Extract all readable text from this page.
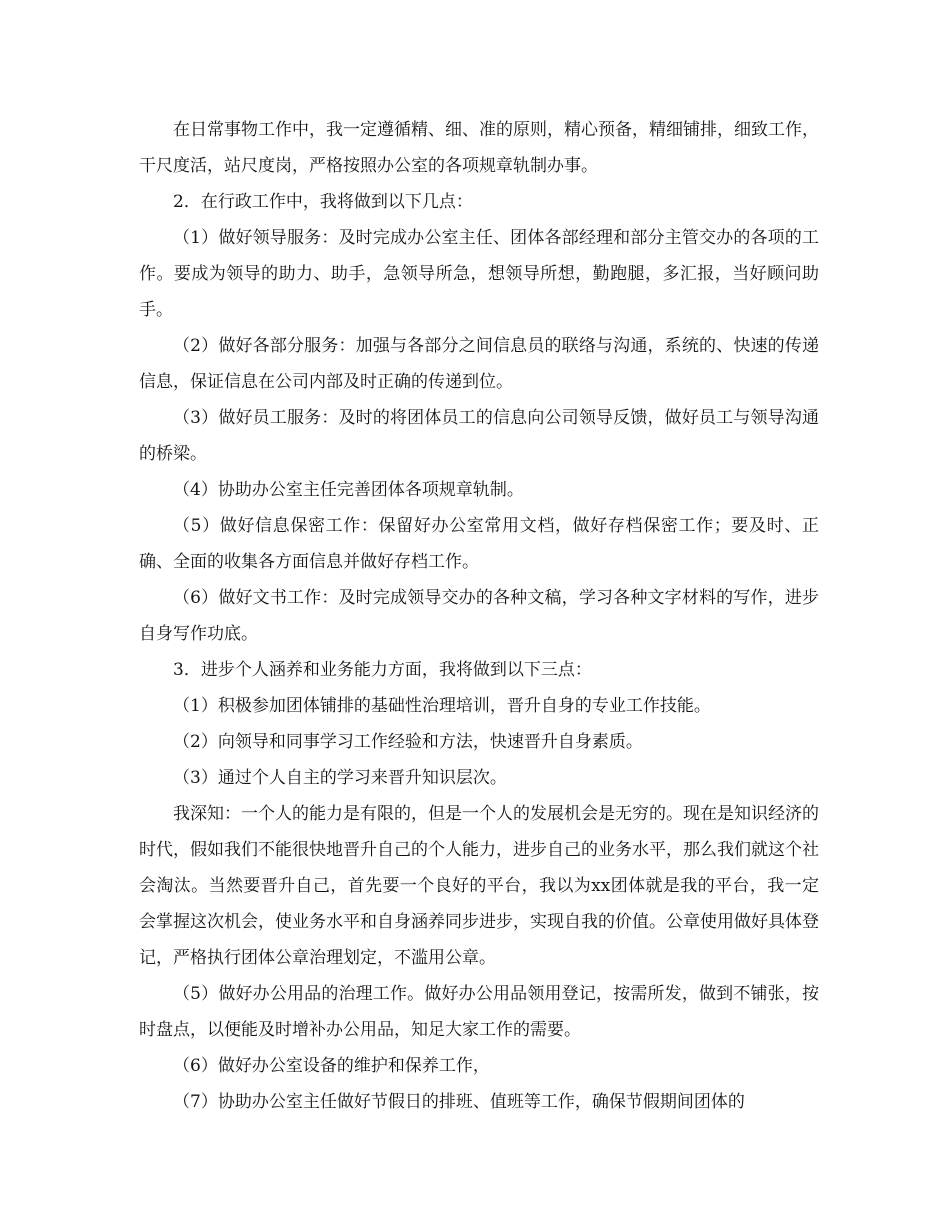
在日常事物工作中，我一定遵循精、细、准的原则，精心预备，精细铺排，细致工作，干尺度活，站尺度岗，严格按照办公室的各项规章轨制办事。

2．在行政工作中，我将做到以下几点：

（1）做好领导服务：及时完成办公室主任、团体各部经理和部分主管交办的各项的工作。要成为领导的助力、助手，急领导所急，想领导所想，勤跑腿，多汇报，当好顾问助手。

（2）做好各部分服务：加强与各部分之间信息员的联络与沟通，系统的、快速的传递信息，保证信息在公司内部及时正确的传递到位。

（3）做好员工服务：及时的将团体员工的信息向公司领导反馈，做好员工与领导沟通的桥梁。

（4）协助办公室主任完善团体各项规章轨制。

（5）做好信息保密工作：保留好办公室常用文档，做好存档保密工作；要及时、正确、全面的收集各方面信息并做好存档工作。

（6）做好文书工作：及时完成领导交办的各种文稿，学习各种文字材料的写作，进步自身写作功底。

3．进步个人涵养和业务能力方面，我将做到以下三点：

（1）积极参加团体铺排的基础性治理培训，晋升自身的专业工作技能。

（2）向领导和同事学习工作经验和方法，快速晋升自身素质。

（3）通过个人自主的学习来晋升知识层次。

我深知：一个人的能力是有限的，但是一个人的发展机会是无穷的。现在是知识经济的时代，假如我们不能很快地晋升自己的个人能力，进步自己的业务水平，那么我们就这个社会淘汰。当然要晋升自己，首先要一个良好的平台，我以为xx团体就是我的平台，我一定会掌握这次机会，使业务水平和自身涵养同步进步，实现自我的价值。公章使用做好具体登记，严格执行团体公章治理划定，不滥用公章。

（5）做好办公用品的治理工作。做好办公用品领用登记，按需所发，做到不铺张，按时盘点，以便能及时增补办公用品，知足大家工作的需要。

（6）做好办公室设备的维护和保养工作，

（7）协助办公室主任做好节假日的排班、值班等工作，确保节假期间团体的
